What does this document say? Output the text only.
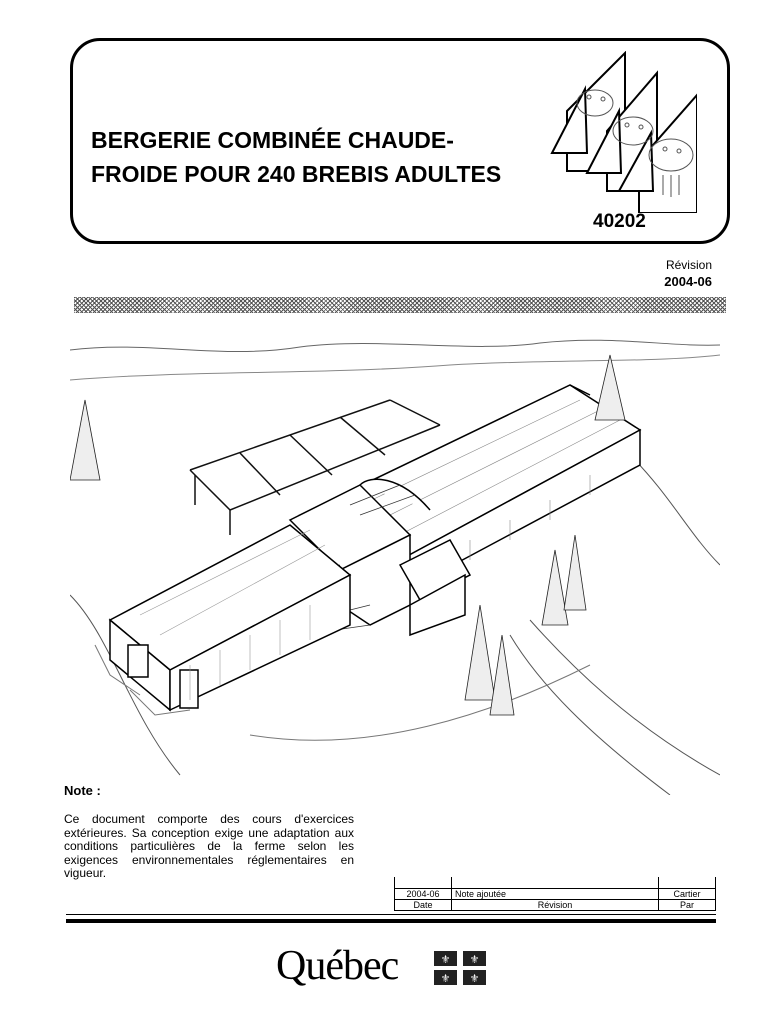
BERGERIE COMBINÉE CHAUDE-FROIDE POUR 240 BREBIS ADULTES
40202
Révision
2004-06
Note :

Ce document comporte des cours d'exercices extérieures. Sa conception exige une adaptation aux conditions particulières de la ferme selon les exigences environnementales réglementaires en vigueur.

2004-06	Note ajoutée	Cartier
Date	Révision	Par
Québec	⚜ ⚜
⚜ ⚜
